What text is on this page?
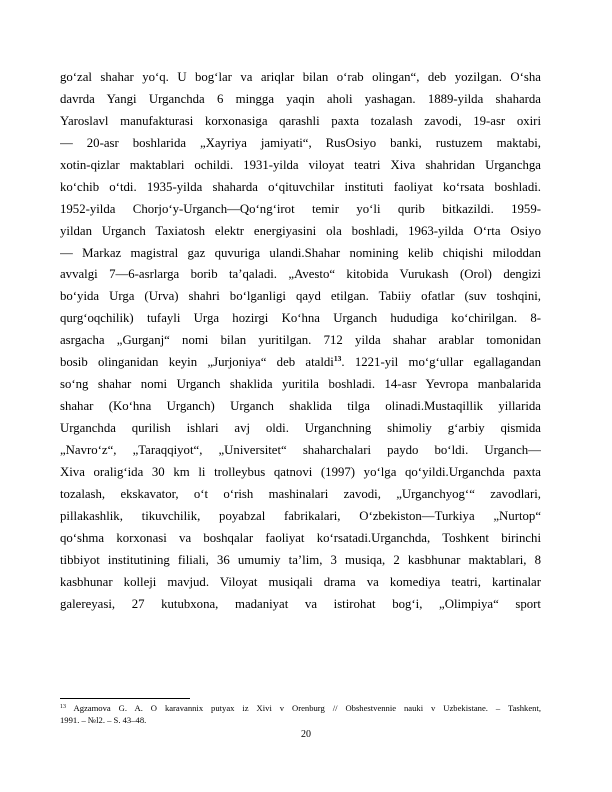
goʻzal shahar yoʻq. U bogʻlar va ariqlar bilan oʻrab olingan“, deb yozilgan. Oʻsha
davrda Yangi Urganchda 6 mingga yaqin aholi yashagan. 1889-yilda shaharda
Yaroslavl manufakturasi korxonasiga qarashli paxta tozalash zavodi, 19-asr oxiri
— 20-asr boshlarida „Xayriya jamiyati“, RusOsiyo banki, rustuzem maktabi,
xotin-qizlar maktablari ochildi. 1931-yilda viloyat teatri Xiva shahridan Urganchga
koʻchib oʻtdi. 1935-yilda shaharda oʻqituvchilar instituti faoliyat koʻrsata boshladi.
1952-yilda Chorjoʻy-Urganch—Qoʻngʻirot temir yoʻli qurib bitkazildi. 1959-
yildan Urganch Taxiatosh elektr energiyasini ola boshladi, 1963-yilda Oʻrta Osiyo
— Markaz magistral gaz quvuriga ulandi.Shahar nomining kelib chiqishi miloddan
avvalgi 7—6-asrlarga borib taʼqaladi. „Avesto“ kitobida Vurukash (Orol) dengizi
boʻyida Urga (Urva) shahri boʻlganligi qayd etilgan. Tabiiy ofatlar (suv toshqini,
qurgʻoqchilik) tufayli Urga hozirgi Koʻhna Urganch hududiga koʻchirilgan. 8-
asrgacha „Gurganj“ nomi bilan yuritilgan. 712 yilda shahar arablar tomonidan
bosib olinganidan keyin „Jurjoniya“ deb ataldi$^{13}$. 1221-yil moʻgʻullar egallagandan
soʻng shahar nomi Urganch shaklida yuritila boshladi. 14-asr Yevropa manbalarida
shahar (Koʻhna Urganch) Urganch shaklida tilga olinadi.Mustaqillik yillarida
Urganchda qurilish ishlari avj oldi. Urganchning shimoliy gʻarbiy qismida
„Navroʻz“, „Taraqqiyot“, „Universitet“ shaharchalari paydo boʻldi. Urganch—
Xiva oraligʻida 30 km li trolleybus qatnovi (1997) yoʻlga qoʻyildi.Urganchda paxta
tozalash, ekskavator, oʻt oʻrish mashinalari zavodi, „Urganchyogʻ“ zavodlari,
pillakashlik, tikuvchilik, poyabzal fabrikalari, Oʻzbekiston—Turkiya „Nurtop“
qoʻshma korxonasi va boshqalar faoliyat koʻrsatadi.Urganchda, Toshkent birinchi
tibbiyot institutining filiali, 36 umumiy taʼlim, 3 musiqa, 2 kasbhunar maktablari, 8
kasbhunar kolleji mavjud. Viloyat musiqali drama va komediya teatri, kartinalar
galereyasi, 27 kutubxona, madaniyat va istirohat bogʻi, „Olimpiya“ sport
$^{13}$ Agzamova G. A. O karavannix putyax iz Xivi v Orenburg // Obshestvennie nauki v Uzbekistane. – Tashkent,
1991. – №l2. – S. 43–48.
20
